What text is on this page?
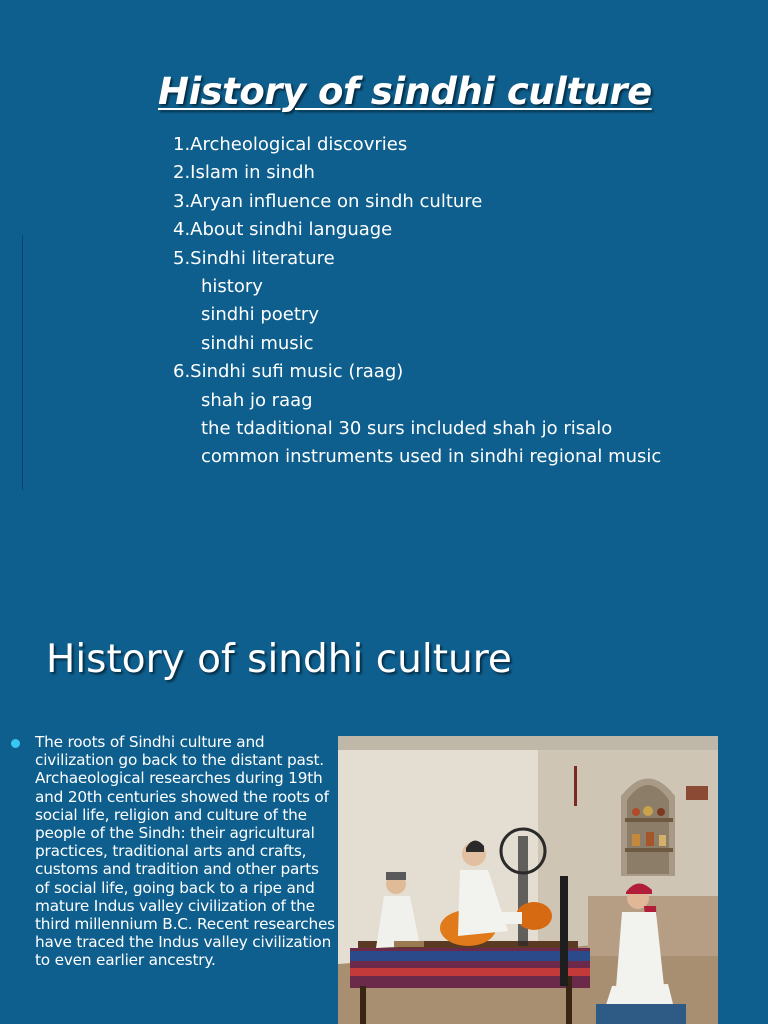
History of sindhi culture
1.Archeological discovries
2.Islam in sindh
3.Aryan influence on sindh culture
4.About sindhi language
5.Sindhi literature
history
sindhi poetry
sindhi music
6.Sindhi sufi music (raag)
shah jo raag
the tdaditional 30 surs included shah jo risalo
common instruments used in sindhi regional music
History of sindhi culture

The roots of Sindhi culture and civilization go back to the distant past. Archaeological researches during 19th and 20th centuries showed the roots of social life, religion and culture of the people of the Sindh: their agricultural practices, traditional arts and crafts, customs and tradition and other parts of social life, going back to a ripe and mature Indus valley civilization of the third millennium B.C. Recent researches have traced the Indus valley civilization to even earlier ancestry.
